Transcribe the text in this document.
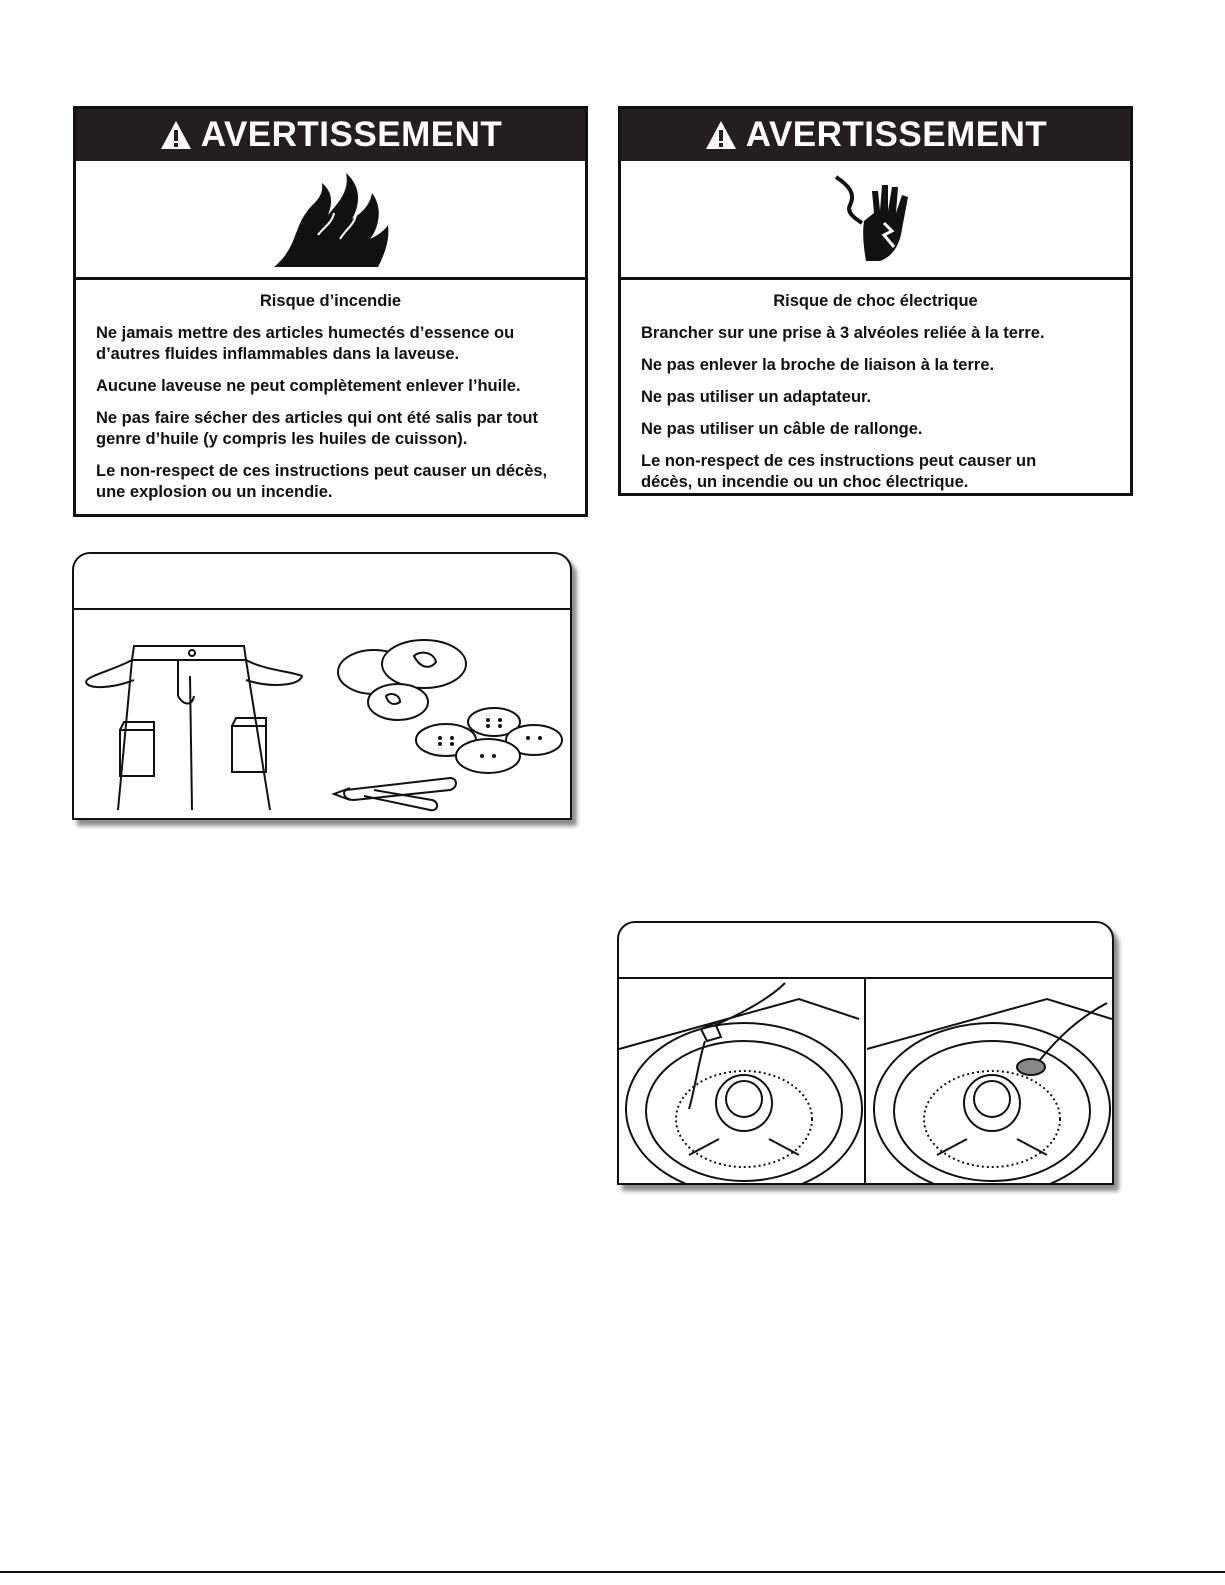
AVERTISSEMENT
Risque d’incendie

Ne jamais mettre des articles humectés d’essence ou d’autres fluides inflammables dans la laveuse.

Aucune laveuse ne peut complètement enlever l’huile.

Ne pas faire sécher des articles qui ont été salis par tout genre d’huile (y compris les huiles de cuisson).

Le non-respect de ces instructions peut causer un décès, une explosion ou un incendie.

AVERTISSEMENT
Risque de choc électrique

Brancher sur une prise à 3 alvéoles reliée à la terre.

Ne pas enlever la broche de liaison à la terre.

Ne pas utiliser un adaptateur.

Ne pas utiliser un câble de rallonge.

Le non-respect de ces instructions peut causer un décès, un incendie ou un choc électrique.
